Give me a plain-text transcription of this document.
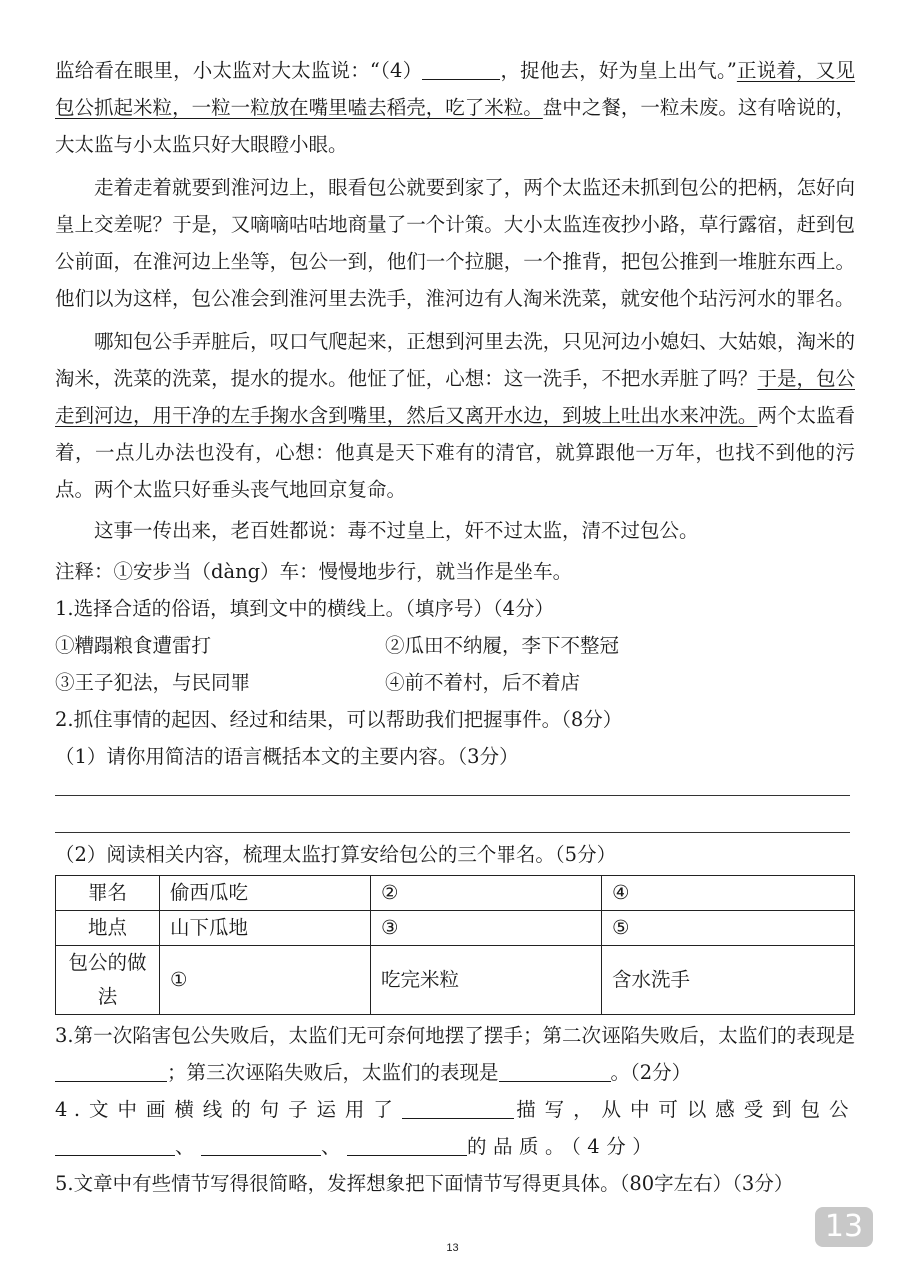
监给看在眼里，小太监对大太监说：“（4）	，捉他去，好为皇上出气。”正说着，又见包公抓起米粒，一粒一粒放在嘴里嗑去稻壳，吃了米粒。盘中之餐，一粒未废。这有啥说的，大太监与小太监只好大眼瞪小眼。

走着走着就要到淮河边上，眼看包公就要到家了，两个太监还未抓到包公的把柄，怎好向皇上交差呢？于是，又嘀嘀咕咕地商量了一个计策。大小太监连夜抄小路，草行露宿，赶到包公前面，在淮河边上坐等，包公一到，他们一个拉腿，一个推背，把包公推到一堆脏东西上。他们以为这样，包公准会到淮河里去洗手，淮河边有人淘米洗菜，就安他个玷污河水的罪名。

哪知包公手弄脏后，叹口气爬起来，正想到河里去洗，只见河边小媳妇、大姑娘，淘米的淘米，洗菜的洗菜，提水的提水。他怔了怔，心想：这一洗手，不把水弄脏了吗？于是，包公走到河边，用干净的左手掬水含到嘴里，然后又离开水边，到坡上吐出水来冲洗。两个太监看着，一点儿办法也没有，心想：他真是天下难有的清官，就算跟他一万年，也找不到他的污点。两个太监只好垂头丧气地回京复命。

这事一传出来，老百姓都说：毒不过皇上，奸不过太监，清不过包公。

注释：①安步当（dàng）车：慢慢地步行，就当作是坐车。

1.选择合适的俗语，填到文中的横线上。（填序号）（4分）

①糟蹋粮食遭雷打	②瓜田不纳履，李下不整冠
③王子犯法，与民同罪	④前不着村，后不着店

2.抓住事情的起因、经过和结果，可以帮助我们把握事件。（8分）

（1）请你用简洁的语言概括本文的主要内容。（3分）

（2）阅读相关内容，梳理太监打算安给包公的三个罪名。（5分）

罪名	偷西瓜吃	②	④
地点	山下瓜地	③	⑤
包公的做法	①	吃完米粒	含水洗手

3.第一次陷害包公失败后，太监们无可奈何地摆了摆手；第二次诬陷失败后，太监们的表现是；第三次诬陷失败后，太监们的表现是	。（2分）

4.文中画横线的句子运用了	描写，从中可以感受到包公、	、	的品质。（4分）

5.文章中有些情节写得很简略，发挥想象把下面情节写得更具体。（80字左右）（3分）

13
13
